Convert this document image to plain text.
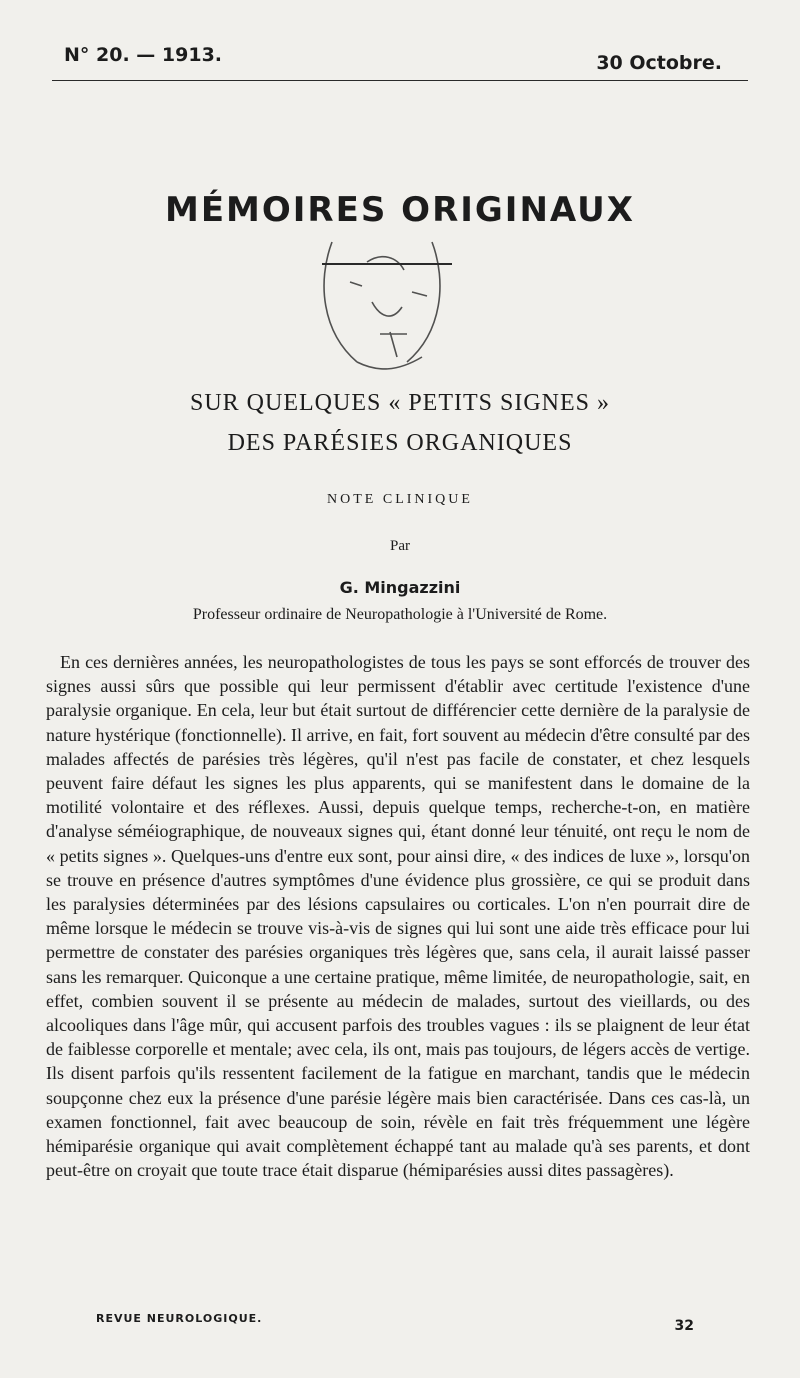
N° 20. — 1913.	30 Octobre.
MÉMOIRES ORIGINAUX
SUR QUELQUES « PETITS SIGNES »
DES PARÉSIES ORGANIQUES
NOTE CLINIQUE
Par
G. Mingazzini
Professeur ordinaire de Neuropathologie à l'Université de Rome.

En ces dernières années, les neuropathologistes de tous les pays se sont efforcés de trouver des signes aussi sûrs que possible qui leur permissent d'établir avec certitude l'existence d'une paralysie organique. En cela, leur but était surtout de différencier cette dernière de la paralysie de nature hystérique (fonctionnelle). Il arrive, en fait, fort souvent au médecin d'être consulté par des malades affectés de parésies très légères, qu'il n'est pas facile de constater, et chez lesquels peuvent faire défaut les signes les plus apparents, qui se manifestent dans le domaine de la motilité volontaire et des réflexes. Aussi, depuis quelque temps, recherche-t-on, en matière d'analyse séméiographique, de nouveaux signes qui, étant donné leur ténuité, ont reçu le nom de « petits signes ». Quelques-uns d'entre eux sont, pour ainsi dire, « des indices de luxe », lorsqu'on se trouve en présence d'autres symptômes d'une évidence plus grossière, ce qui se produit dans les paralysies déterminées par des lésions capsulaires ou corticales. L'on n'en pourrait dire de même lorsque le médecin se trouve vis-à-vis de signes qui lui sont une aide très efficace pour lui permettre de constater des parésies organiques très légères que, sans cela, il aurait laissé passer sans les remarquer. Quiconque a une certaine pratique, même limitée, de neuropathologie, sait, en effet, combien souvent il se présente au médecin de malades, surtout des vieillards, ou des alcooliques dans l'âge mûr, qui accusent parfois des troubles vagues : ils se plaignent de leur état de faiblesse corporelle et mentale; avec cela, ils ont, mais pas toujours, de légers accès de vertige. Ils disent parfois qu'ils ressentent facilement de la fatigue en marchant, tandis que le médecin soupçonne chez eux la présence d'une parésie légère mais bien caractérisée. Dans ces cas-là, un examen fonctionnel, fait avec beaucoup de soin, révèle en fait très fréquemment une légère hémiparésie organique qui avait complètement échappé tant au malade qu'à ses parents, et dont peut-être on croyait que toute trace était disparue (hémiparésies aussi dites passagères).

REVUE NEUROLOGIQUE.	32
